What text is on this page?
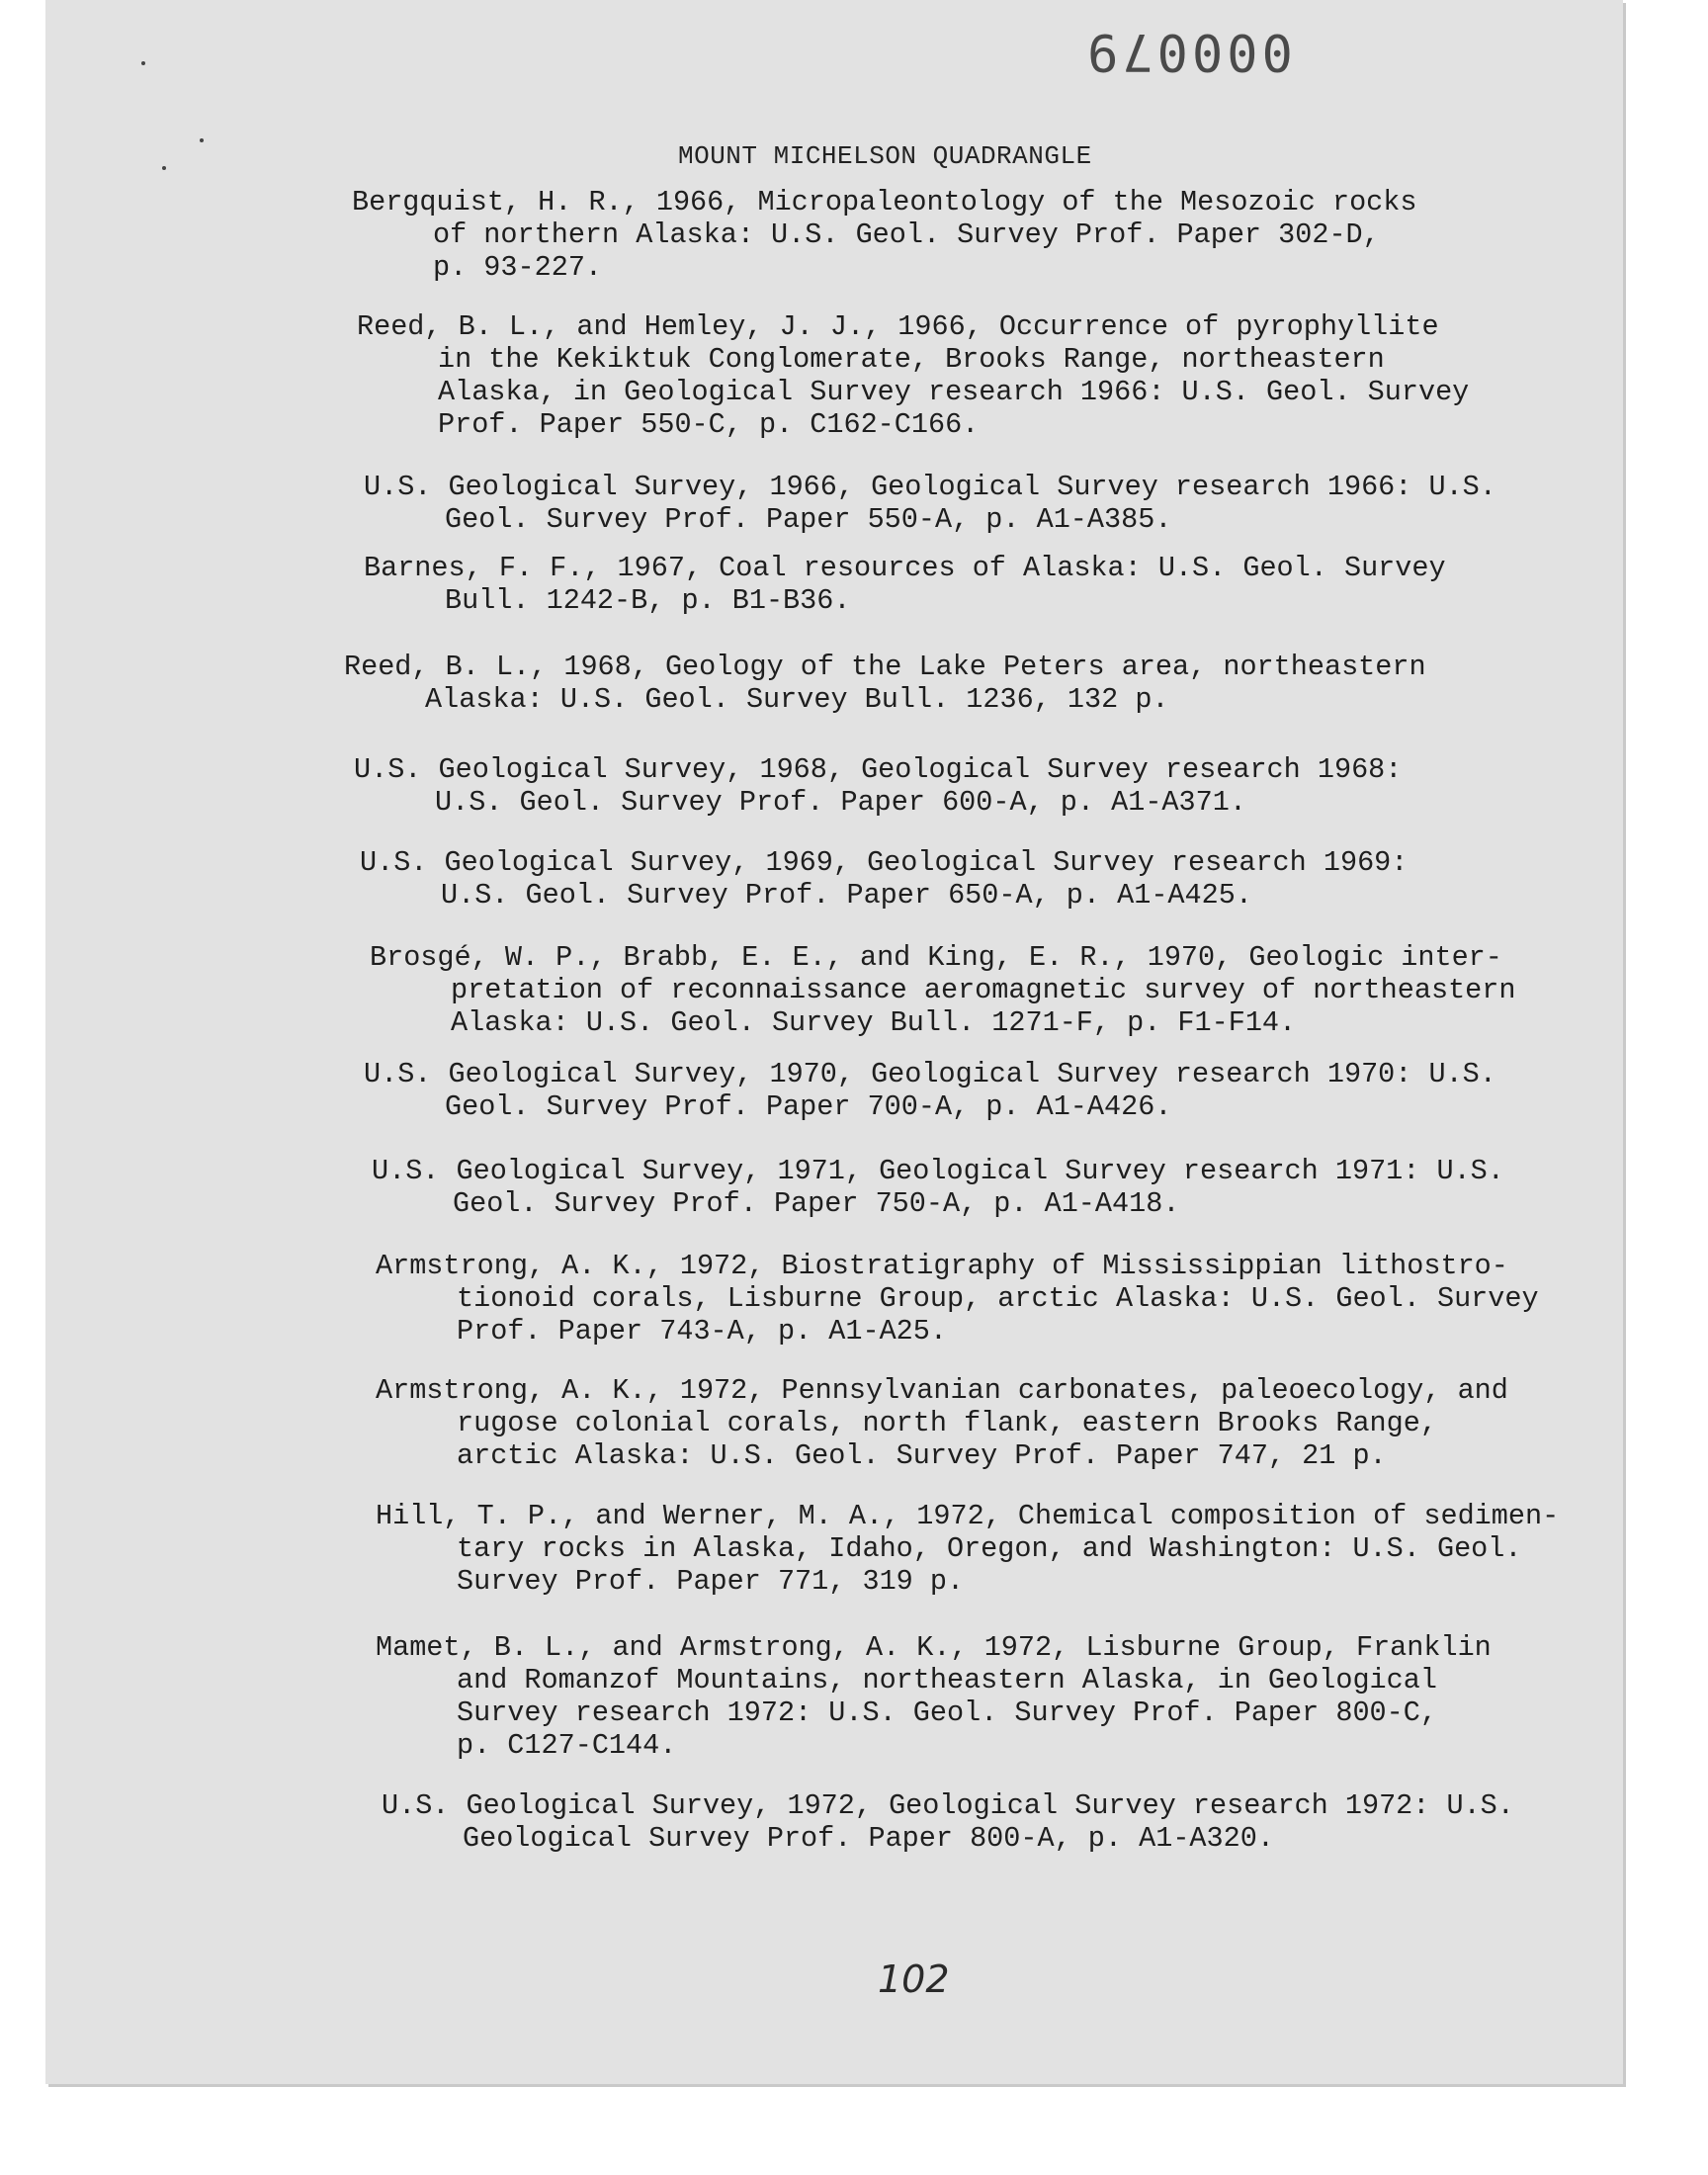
000079
MOUNT MICHELSON QUADRANGLE
Bergquist, H. R., 1966, Micropaleontology of the Mesozoic rocks
of northern Alaska: U.S. Geol. Survey Prof. Paper 302-D,
p. 93-227.
Reed, B. L., and Hemley, J. J., 1966, Occurrence of pyrophyllite
in the Kekiktuk Conglomerate, Brooks Range, northeastern
Alaska, in Geological Survey research 1966: U.S. Geol. Survey
Prof. Paper 550-C, p. C162-C166.
U.S. Geological Survey, 1966, Geological Survey research 1966: U.S.
Geol. Survey Prof. Paper 550-A, p. A1-A385.
Barnes, F. F., 1967, Coal resources of Alaska: U.S. Geol. Survey
Bull. 1242-B, p. B1-B36.
Reed, B. L., 1968, Geology of the Lake Peters area, northeastern
Alaska: U.S. Geol. Survey Bull. 1236, 132 p.
U.S. Geological Survey, 1968, Geological Survey research 1968:
U.S. Geol. Survey Prof. Paper 600-A, p. A1-A371.
U.S. Geological Survey, 1969, Geological Survey research 1969:
U.S. Geol. Survey Prof. Paper 650-A, p. A1-A425.
Brosgé, W. P., Brabb, E. E., and King, E. R., 1970, Geologic inter-
pretation of reconnaissance aeromagnetic survey of northeastern
Alaska: U.S. Geol. Survey Bull. 1271-F, p. F1-F14.
U.S. Geological Survey, 1970, Geological Survey research 1970: U.S.
Geol. Survey Prof. Paper 700-A, p. A1-A426.
U.S. Geological Survey, 1971, Geological Survey research 1971: U.S.
Geol. Survey Prof. Paper 750-A, p. A1-A418.
Armstrong, A. K., 1972, Biostratigraphy of Mississippian lithostro-
tionoid corals, Lisburne Group, arctic Alaska: U.S. Geol. Survey
Prof. Paper 743-A, p. A1-A25.
Armstrong, A. K., 1972, Pennsylvanian carbonates, paleoecology, and
rugose colonial corals, north flank, eastern Brooks Range,
arctic Alaska: U.S. Geol. Survey Prof. Paper 747, 21 p.
Hill, T. P., and Werner, M. A., 1972, Chemical composition of sedimen-
tary rocks in Alaska, Idaho, Oregon, and Washington: U.S. Geol.
Survey Prof. Paper 771, 319 p.
Mamet, B. L., and Armstrong, A. K., 1972, Lisburne Group, Franklin
and Romanzof Mountains, northeastern Alaska, in Geological
Survey research 1972: U.S. Geol. Survey Prof. Paper 800-C,
p. C127-C144.
U.S. Geological Survey, 1972, Geological Survey research 1972: U.S.
Geological Survey Prof. Paper 800-A, p. A1-A320.
102
